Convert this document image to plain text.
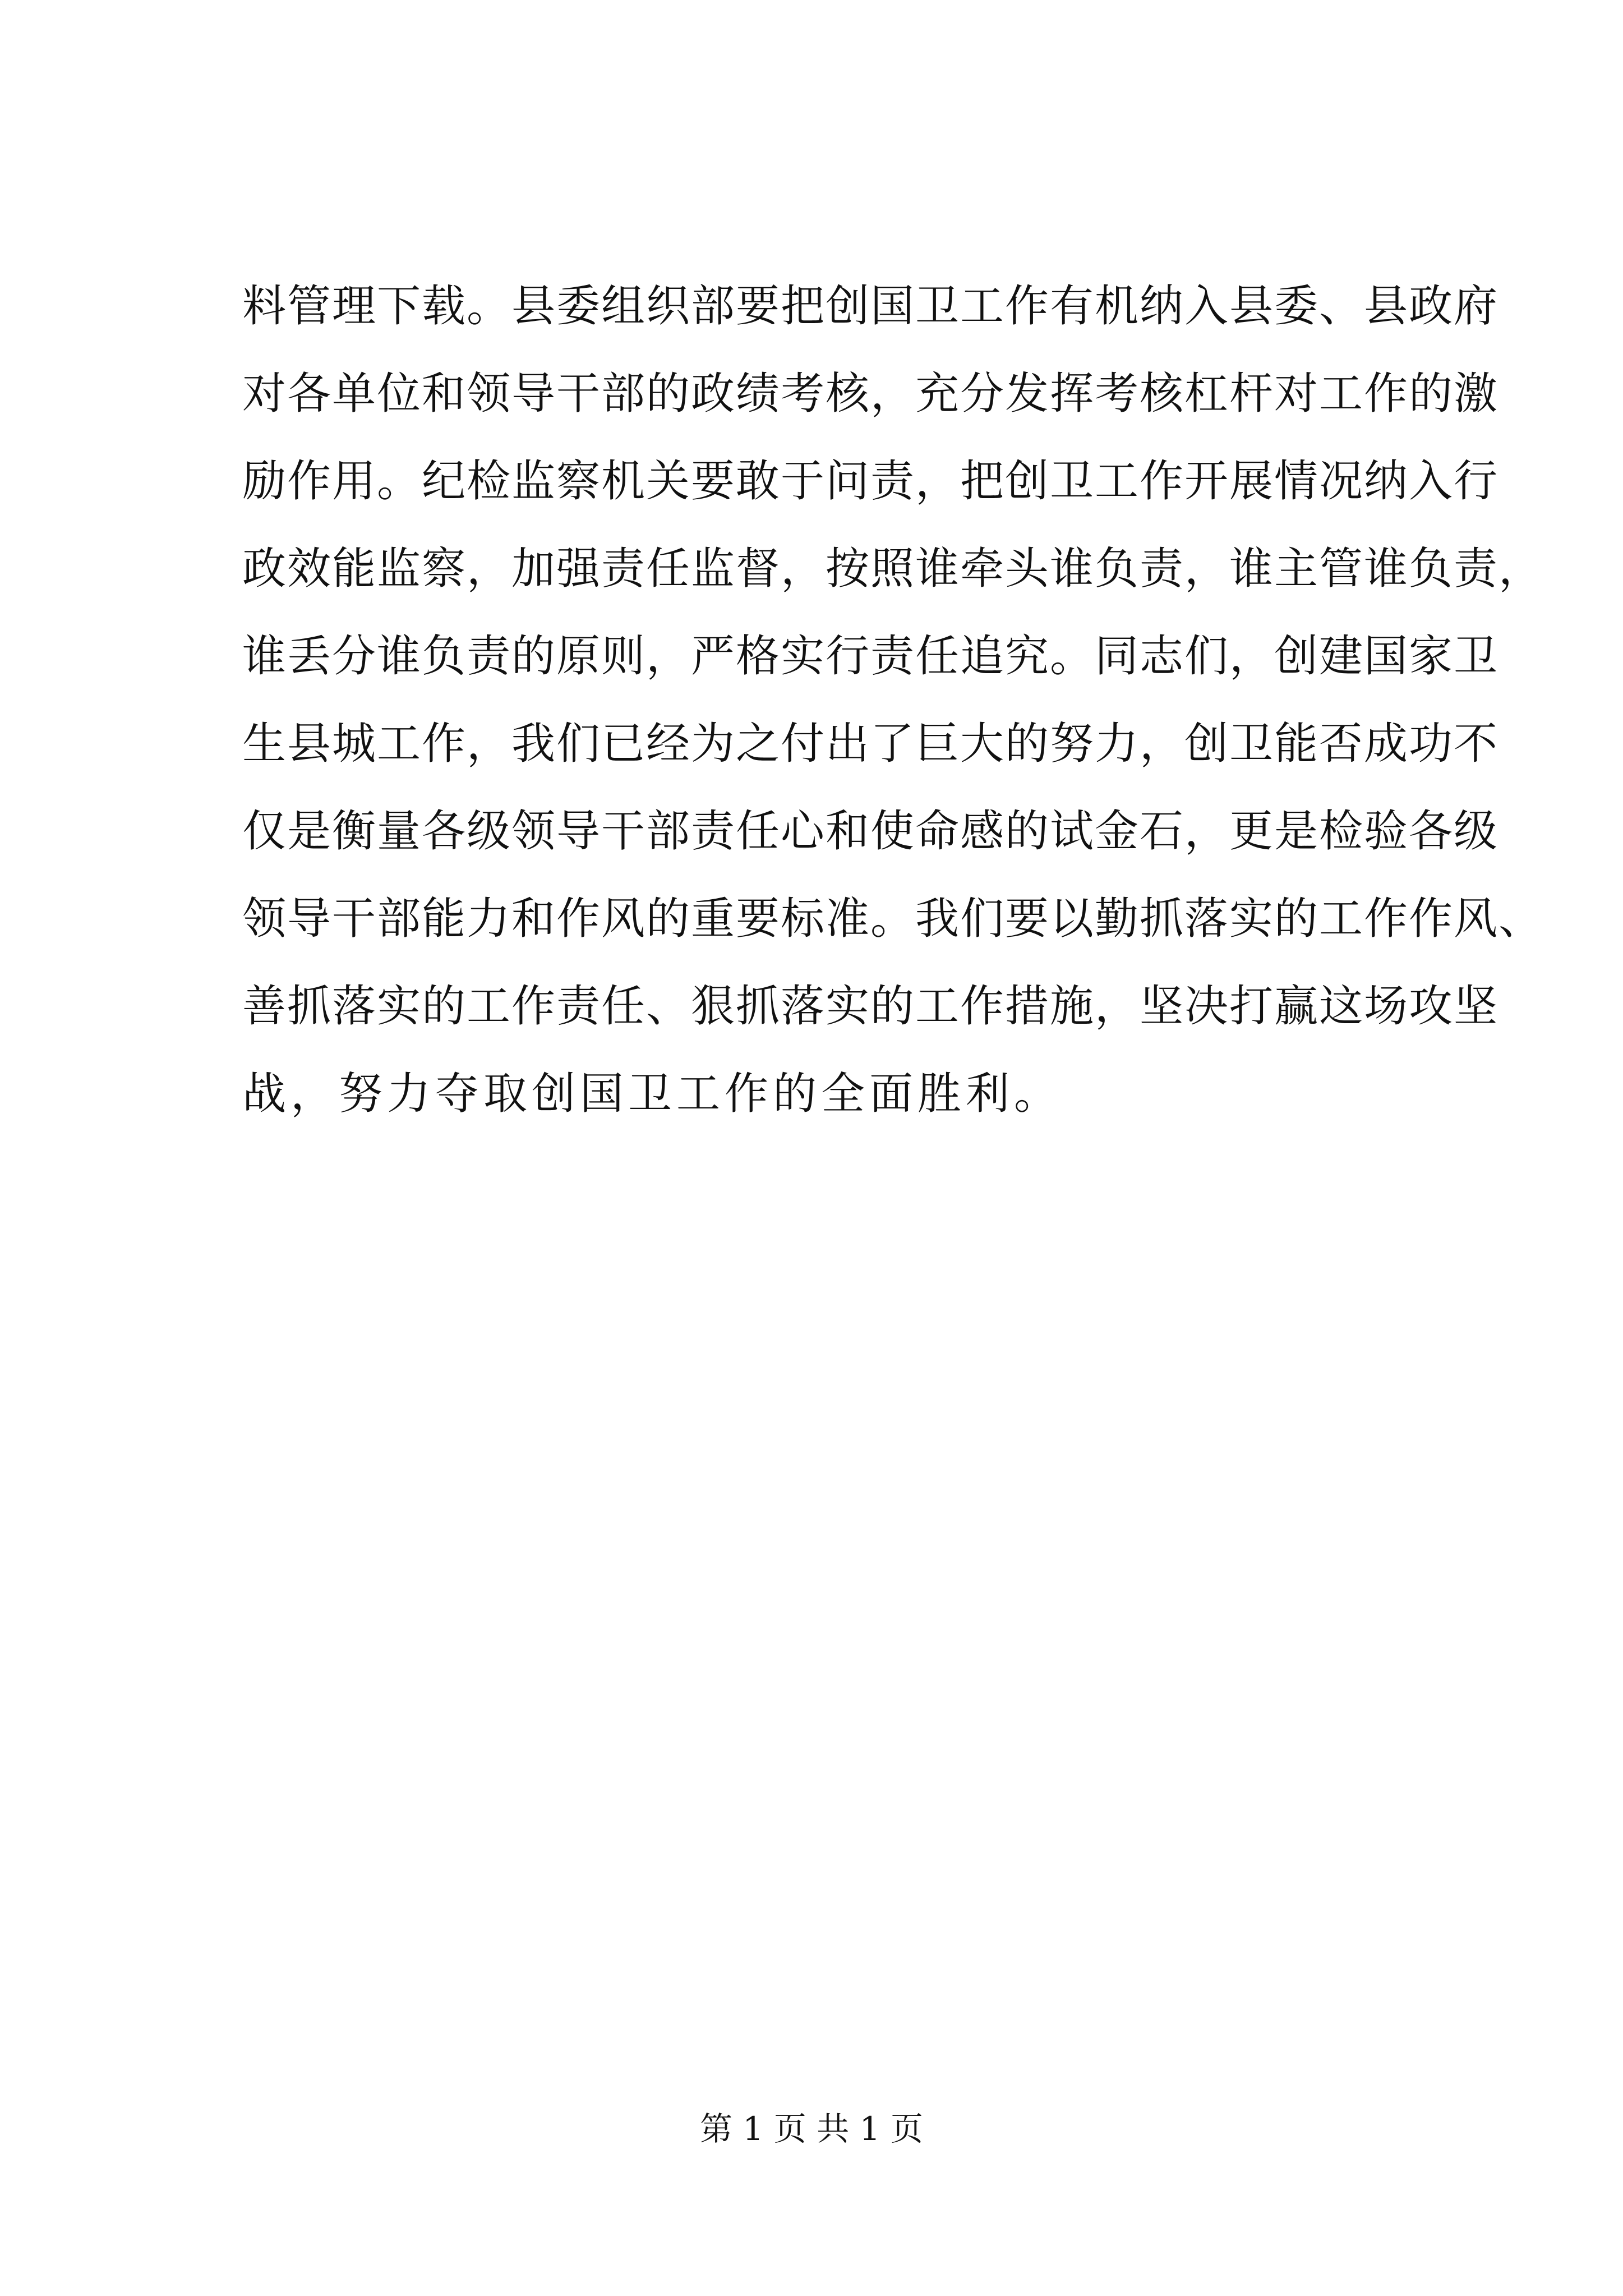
料管理下载。县委组织部要把创国卫工作有机纳入县委、县政府
对各单位和领导干部的政绩考核，充分发挥考核杠杆对工作的激
励作用。纪检监察机关要敢于问责，把创卫工作开展情况纳入行
政效能监察，加强责任监督，按照谁牵头谁负责，谁主管谁负责，
谁丢分谁负责的原则，严格实行责任追究。同志们，创建国家卫
生县城工作，我们已经为之付出了巨大的努力，创卫能否成功不
仅是衡量各级领导干部责任心和使命感的试金石，更是检验各级
领导干部能力和作风的重要标准。我们要以勤抓落实的工作作风、
善抓落实的工作责任、狠抓落实的工作措施，坚决打赢这场攻坚
战，努力夺取创国卫工作的全面胜利。
第 1 页 共 1 页
